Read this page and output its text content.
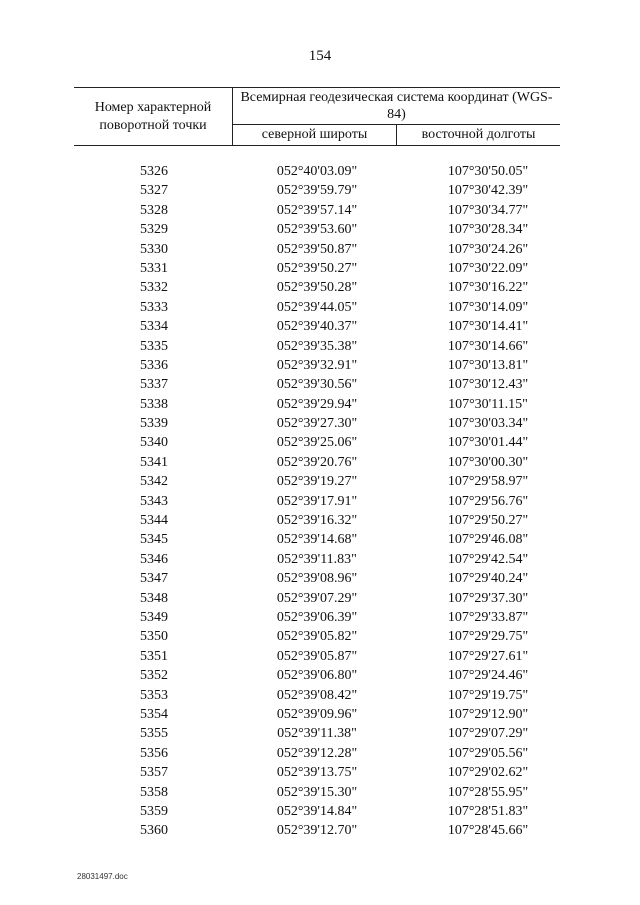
154
Номер характерной поворотной точки
Всемирная геодезическая система координат (WGS-84)
северной широты	восточной долготы
5326	052°40'03.09"	107°30'50.05"
5327	052°39'59.79"	107°30'42.39"
5328	052°39'57.14"	107°30'34.77"
5329	052°39'53.60"	107°30'28.34"
5330	052°39'50.87"	107°30'24.26"
5331	052°39'50.27"	107°30'22.09"
5332	052°39'50.28"	107°30'16.22"
5333	052°39'44.05"	107°30'14.09"
5334	052°39'40.37"	107°30'14.41"
5335	052°39'35.38"	107°30'14.66"
5336	052°39'32.91"	107°30'13.81"
5337	052°39'30.56"	107°30'12.43"
5338	052°39'29.94"	107°30'11.15"
5339	052°39'27.30"	107°30'03.34"
5340	052°39'25.06"	107°30'01.44"
5341	052°39'20.76"	107°30'00.30"
5342	052°39'19.27"	107°29'58.97"
5343	052°39'17.91"	107°29'56.76"
5344	052°39'16.32"	107°29'50.27"
5345	052°39'14.68"	107°29'46.08"
5346	052°39'11.83"	107°29'42.54"
5347	052°39'08.96"	107°29'40.24"
5348	052°39'07.29"	107°29'37.30"
5349	052°39'06.39"	107°29'33.87"
5350	052°39'05.82"	107°29'29.75"
5351	052°39'05.87"	107°29'27.61"
5352	052°39'06.80"	107°29'24.46"
5353	052°39'08.42"	107°29'19.75"
5354	052°39'09.96"	107°29'12.90"
5355	052°39'11.38"	107°29'07.29"
5356	052°39'12.28"	107°29'05.56"
5357	052°39'13.75"	107°29'02.62"
5358	052°39'15.30"	107°28'55.95"
5359	052°39'14.84"	107°28'51.83"
5360	052°39'12.70"	107°28'45.66"
28031497.doc
